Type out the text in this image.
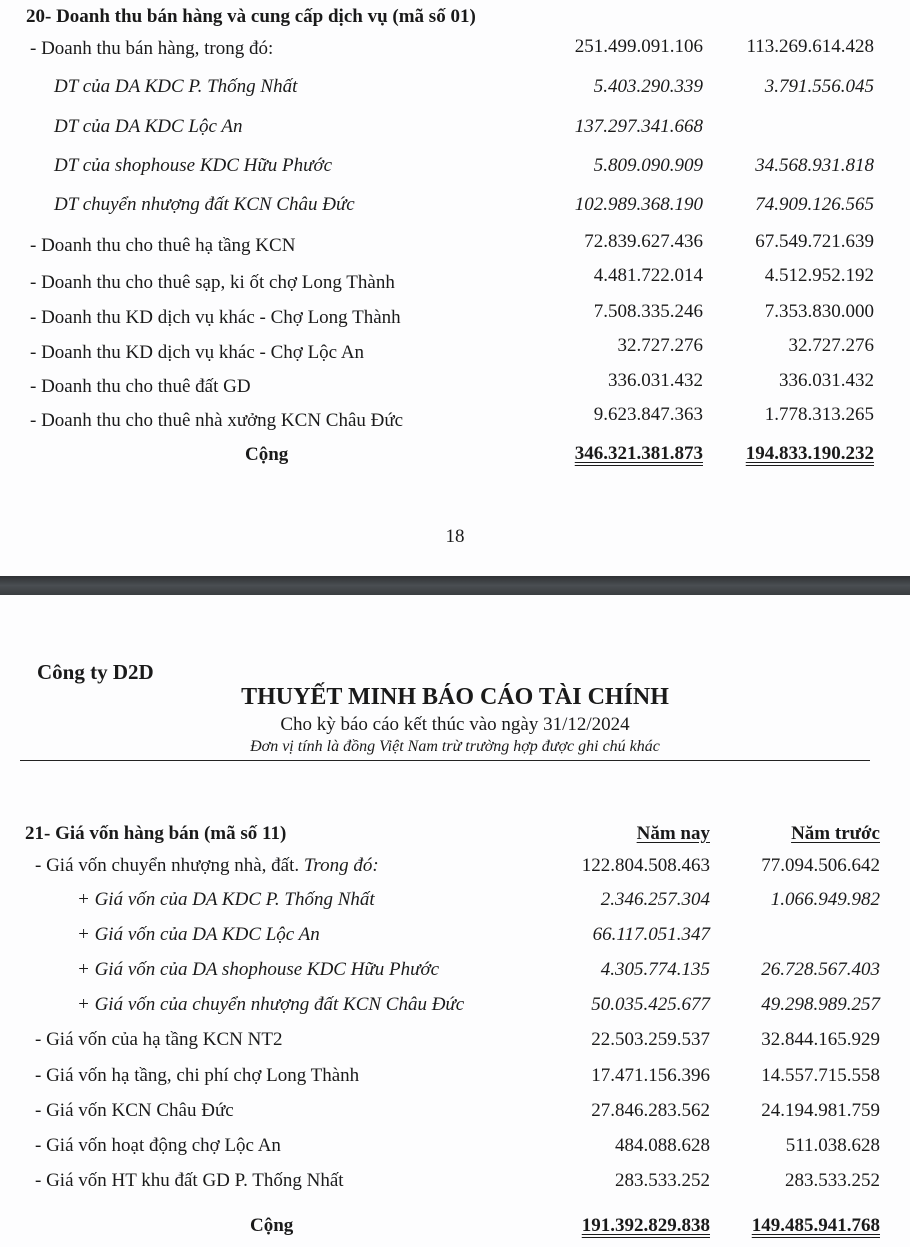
20- Doanh thu bán hàng và cung cấp dịch vụ (mã số 01)
- Doanh thu bán hàng, trong đó:	251.499.091.106 113.269.614.428
DT của DA KDC P. Thống Nhất	5.403.290.339	3.791.556.045
DT của DA KDC Lộc An	137.297.341.668
DT của shophouse KDC Hữu Phước	5.809.090.909	34.568.931.818
DT chuyển nhượng đất KCN Châu Đức	102.989.368.190	74.909.126.565
- Doanh thu cho thuê hạ tầng KCN	72.839.627.436	67.549.721.639
- Doanh thu cho thuê sạp, ki ốt chợ Long Thành	4.481.722.014	4.512.952.192
- Doanh thu KD dịch vụ khác - Chợ Long Thành	7.508.335.246	7.353.830.000
- Doanh thu KD dịch vụ khác - Chợ Lộc An	32.727.276	32.727.276
- Doanh thu cho thuê đất GD	336.031.432	336.031.432
- Doanh thu cho thuê nhà xưởng KCN Châu Đức	9.623.847.363	1.778.313.265
Cộng	346.321.381.873 194.833.190.232
18
Công ty D2D
THUYẾT MINH BÁO CÁO TÀI CHÍNH
Cho kỳ báo cáo kết thúc vào ngày 31/12/2024
Đơn vị tính là đồng Việt Nam trừ trường hợp được ghi chú khác
21- Giá vốn hàng bán (mã số 11)	Năm nay	Năm trước
- Giá vốn chuyển nhượng nhà, đất. Trong đó:	122.804.508.463	77.094.506.642
+ Giá vốn của DA KDC P. Thống Nhất	2.346.257.304	1.066.949.982
+ Giá vốn của DA KDC Lộc An	66.117.051.347
+ Giá vốn của DA shophouse KDC Hữu Phước	4.305.774.135	26.728.567.403
+ Giá vốn của chuyển nhượng đất KCN Châu Đức	50.035.425.677	49.298.989.257
- Giá vốn của hạ tầng KCN NT2	22.503.259.537	32.844.165.929
- Giá vốn hạ tầng, chi phí chợ Long Thành	17.471.156.396	14.557.715.558
- Giá vốn KCN Châu Đức	27.846.283.562	24.194.981.759
- Giá vốn hoạt động chợ Lộc An	484.088.628	511.038.628
- Giá vốn HT khu đất GD P. Thống Nhất	283.533.252	283.533.252
Cộng	191.392.829.838 149.485.941.768
